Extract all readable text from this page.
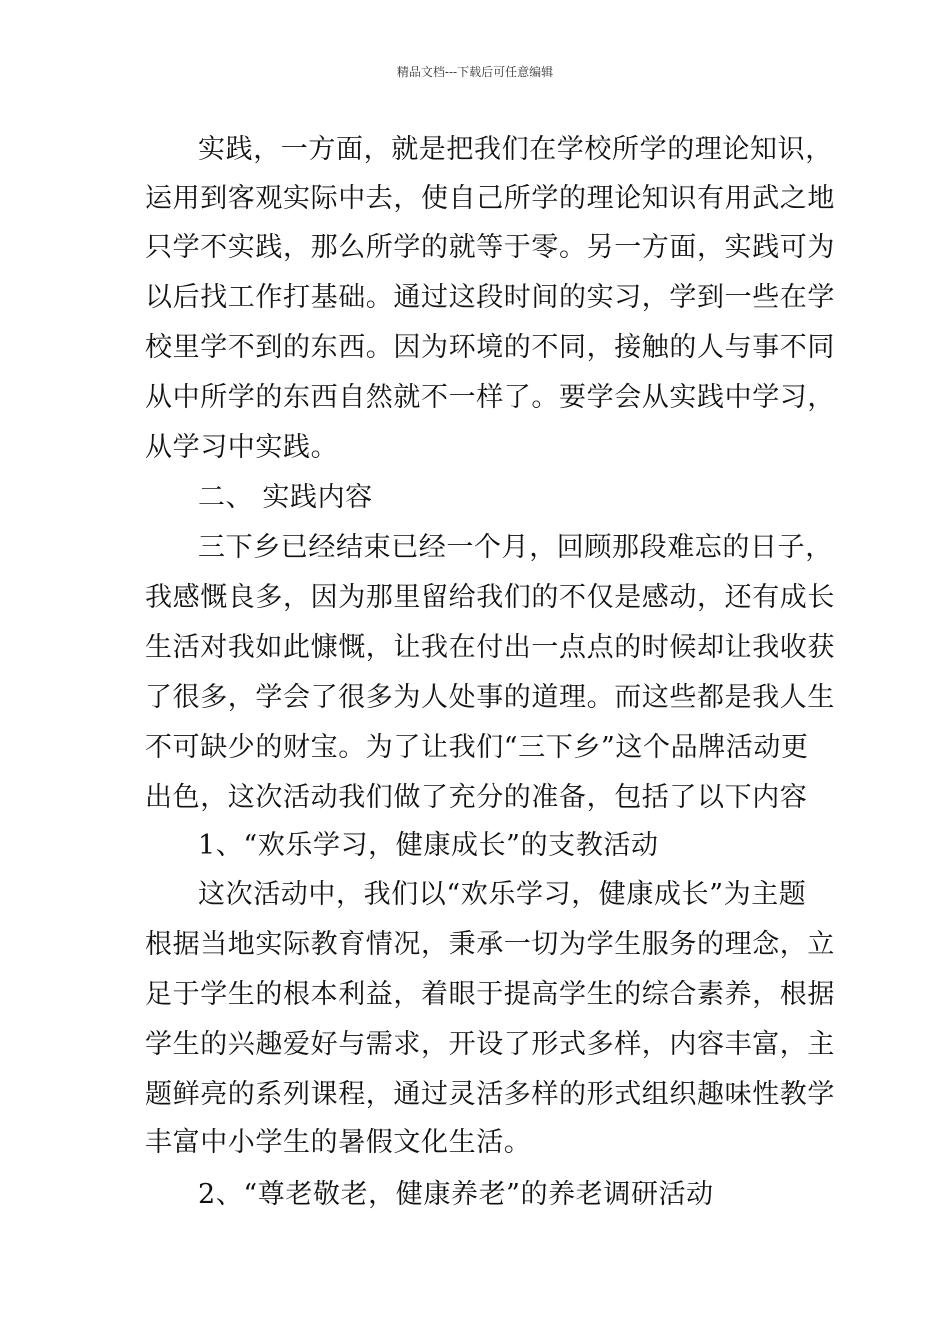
精品文档---下载后可任意编辑
实践，一方面，就是把我们在学校所学的理论知识，
运用到客观实际中去，使自己所学的理论知识有用武之地
只学不实践，那么所学的就等于零。另一方面，实践可为
以后找工作打基础。通过这段时间的实习，学到一些在学
校里学不到的东西。因为环境的不同，接触的人与事不同
从中所学的东西自然就不一样了。要学会从实践中学习，
从学习中实践。
二、 实践内容
三下乡已经结束已经一个月，回顾那段难忘的日子，
我感慨良多，因为那里留给我们的不仅是感动，还有成长
生活对我如此慷慨，让我在付出一点点的时候却让我收获
了很多，学会了很多为人处事的道理。而这些都是我人生
不可缺少的财宝。为了让我们“三下乡”这个品牌活动更
出色，这次活动我们做了充分的准备，包括了以下内容
1、“欢乐学习，健康成长”的支教活动
这次活动中，我们以“欢乐学习，健康成长”为主题
根据当地实际教育情况，秉承一切为学生服务的理念，立
足于学生的根本利益，着眼于提高学生的综合素养，根据
学生的兴趣爱好与需求，开设了形式多样，内容丰富，主
题鲜亮的系列课程，通过灵活多样的形式组织趣味性教学
丰富中小学生的暑假文化生活。
2、“尊老敬老，健康养老”的养老调研活动
